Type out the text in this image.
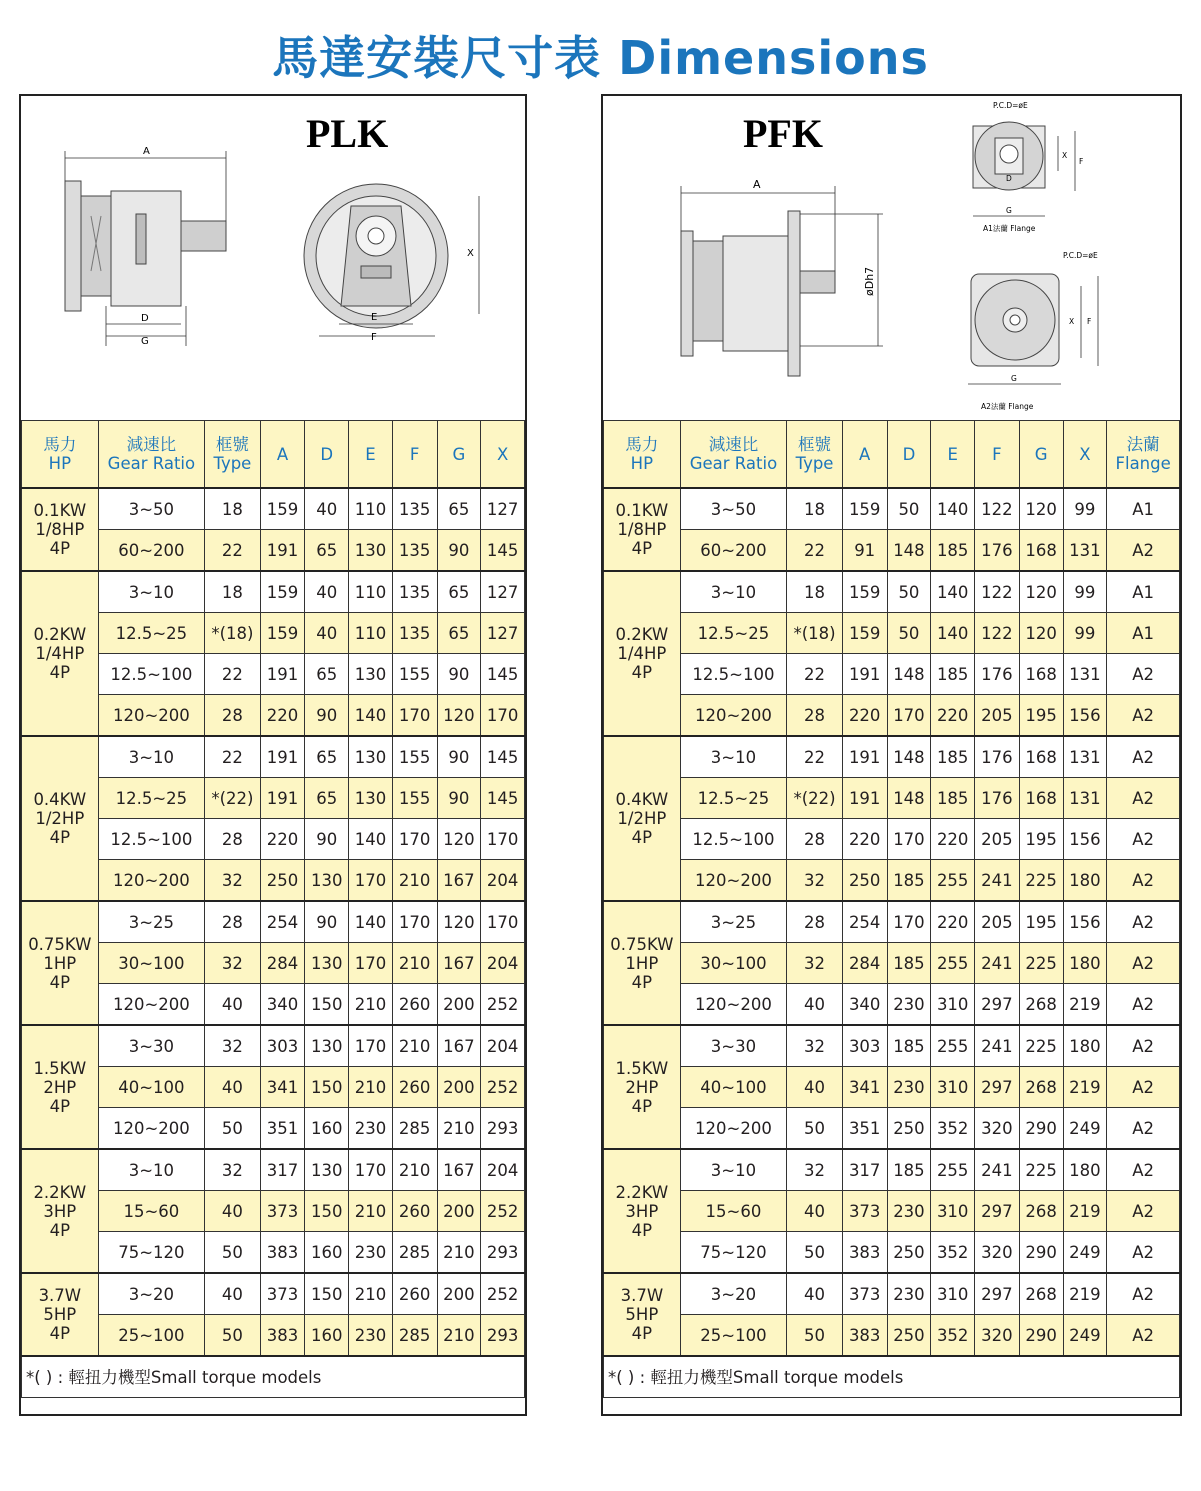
馬達安裝尺寸表 Dimensions
PLK
A
D
G
X
E
F
馬力
HP	減速比
Gear Ratio	框號
Type	A	D	E	F	G	X
0.1KW
1/8HP
4P	3~50	18	159	40	110	135	65	127
	60~200	22	191	65	130	135	90	145
0.2KW
1/4HP
4P	3~10	18	159	40	110	135	65	127
	12.5~25	*(18)	159	40	110	135	65	127
	12.5~100	22	191	65	130	155	90	145
	120~200	28	220	90	140	170	120	170
0.4KW
1/2HP
4P	3~10	22	191	65	130	155	90	145
	12.5~25	*(22)	191	65	130	155	90	145
	12.5~100	28	220	90	140	170	120	170
	120~200	32	250	130	170	210	167	204
0.75KW
1HP
4P	3~25	28	254	90	140	170	120	170
	30~100	32	284	130	170	210	167	204
	120~200	40	340	150	210	260	200	252
1.5KW
2HP
4P	3~30	32	303	130	170	210	167	204
	40~100	40	341	150	210	260	200	252
	120~200	50	351	160	230	285	210	293
2.2KW
3HP
4P	3~10	32	317	130	170	210	167	204
	15~60	40	373	150	210	260	200	252
	75~120	50	383	160	230	285	210	293
3.7W
5HP
4P	3~20	40	373	150	210	260	200	252
	25~100	50	383	160	230	285	210	293
*( ) : 輕扭力機型Small torque models								
PFK
A
øDh7
P.C.D=øE
D
G
X
F
A1法蘭 Flange
P.C.D=øE
G
X F
A2法蘭 Flange
馬力
HP	減速比
Gear Ratio	框號
Type	A	D	E	F	G	X	法蘭
Flange
0.1KW
1/8HP
4P	3~50	18	159	50	140	122	120	99	A1
	60~200	22	91	148	185	176	168	131	A2
0.2KW
1/4HP
4P	3~10	18	159	50	140	122	120	99	A1
	12.5~25	*(18)	159	50	140	122	120	99	A1
	12.5~100	22	191	148	185	176	168	131	A2
	120~200	28	220	170	220	205	195	156	A2
0.4KW
1/2HP
4P	3~10	22	191	148	185	176	168	131	A2
	12.5~25	*(22)	191	148	185	176	168	131	A2
	12.5~100	28	220	170	220	205	195	156	A2
	120~200	32	250	185	255	241	225	180	A2
0.75KW
1HP
4P	3~25	28	254	170	220	205	195	156	A2
	30~100	32	284	185	255	241	225	180	A2
	120~200	40	340	230	310	297	268	219	A2
1.5KW
2HP
4P	3~30	32	303	185	255	241	225	180	A2
	40~100	40	341	230	310	297	268	219	A2
	120~200	50	351	250	352	320	290	249	A2
2.2KW
3HP
4P	3~10	32	317	185	255	241	225	180	A2
	15~60	40	373	230	310	297	268	219	A2
	75~120	50	383	250	352	320	290	249	A2
3.7W
5HP
4P	3~20	40	373	230	310	297	268	219	A2
	25~100	50	383	250	352	320	290	249	A2
*( ) : 輕扭力機型Small torque models									
